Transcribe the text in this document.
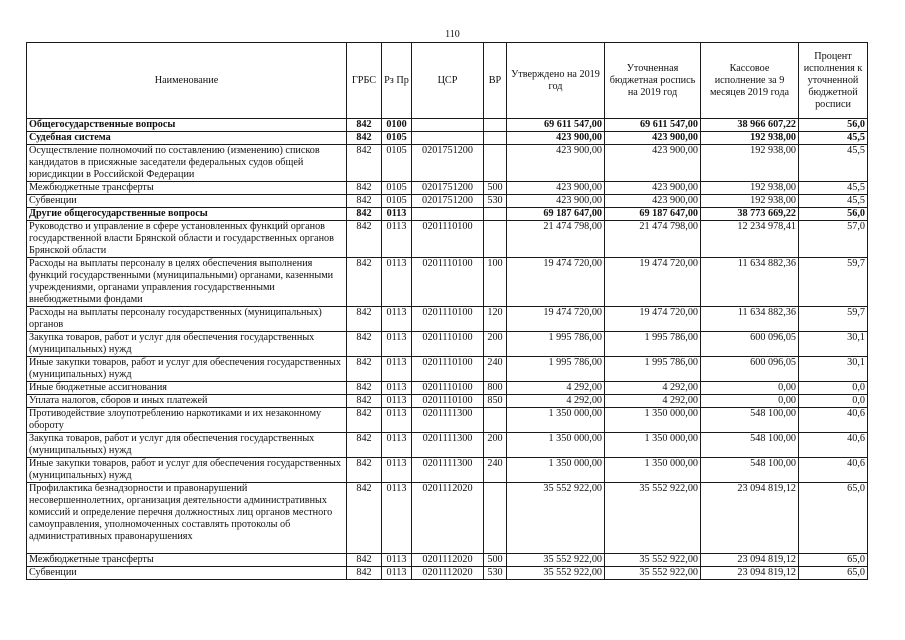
110
Наименование	ГРБС	Рз Пр	ЦСР	ВР	Утверждено на 2019 год	Уточненная бюджетная роспись на 2019 год	Кассовое исполнение за 9 месяцев 2019 года	Процент исполнения к уточненной бюджетной росписи
Общегосударственные вопросы	842	0100			69 611 547,00	69 611 547,00	38 966 607,22	56,0
Судебная система	842	0105			423 900,00	423 900,00	192 938,00	45,5
Осуществление полномочий по составлению (изменению) списков кандидатов в присяжные заседатели федеральных судов общей юрисдикции в Российской Федерации	842	0105	0201751200		423 900,00	423 900,00	192 938,00	45,5
Межбюджетные трансферты	842	0105	0201751200	500	423 900,00	423 900,00	192 938,00	45,5
Субвенции	842	0105	0201751200	530	423 900,00	423 900,00	192 938,00	45,5
Другие общегосударственные вопросы	842	0113			69 187 647,00	69 187 647,00	38 773 669,22	56,0
Руководство и управление в сфере установленных функций органов государственной власти Брянской области и государственных органов Брянской области	842	0113	0201110100		21 474 798,00	21 474 798,00	12 234 978,41	57,0
Расходы на выплаты персоналу в целях обеспечения выполнения функций государственными (муниципальными) органами, казенными учреждениями, органами управления государственными внебюджетными фондами	842	0113	0201110100	100	19 474 720,00	19 474 720,00	11 634 882,36	59,7
Расходы на выплаты персоналу государственных (муниципальных) органов	842	0113	0201110100	120	19 474 720,00	19 474 720,00	11 634 882,36	59,7
Закупка товаров, работ и услуг для обеспечения государственных (муниципальных) нужд	842	0113	0201110100	200	1 995 786,00	1 995 786,00	600 096,05	30,1
Иные закупки товаров, работ и услуг для обеспечения государственных (муниципальных) нужд	842	0113	0201110100	240	1 995 786,00	1 995 786,00	600 096,05	30,1
Иные бюджетные ассигнования	842	0113	0201110100	800	4 292,00	4 292,00	0,00	0,0
Уплата налогов, сборов и иных платежей	842	0113	0201110100	850	4 292,00	4 292,00	0,00	0,0
Противодействие злоупотреблению наркотиками и их незаконному обороту	842	0113	0201111300		1 350 000,00	1 350 000,00	548 100,00	40,6
Закупка товаров, работ и услуг для обеспечения государственных (муниципальных) нужд	842	0113	0201111300	200	1 350 000,00	1 350 000,00	548 100,00	40,6
Иные закупки товаров, работ и услуг для обеспечения государственных (муниципальных) нужд	842	0113	0201111300	240	1 350 000,00	1 350 000,00	548 100,00	40,6
Профилактика безнадзорности и правонарушений несовершеннолетних, организация деятельности административных комиссий и определение перечня должностных лиц органов местного самоуправления, уполномоченных составлять протоколы об административных правонарушениях	842	0113	0201112020		35 552 922,00	35 552 922,00	23 094 819,12	65,0
Межбюджетные трансферты	842	0113	0201112020	500	35 552 922,00	35 552 922,00	23 094 819,12	65,0
Субвенции	842	0113	0201112020	530	35 552 922,00	35 552 922,00	23 094 819,12	65,0
